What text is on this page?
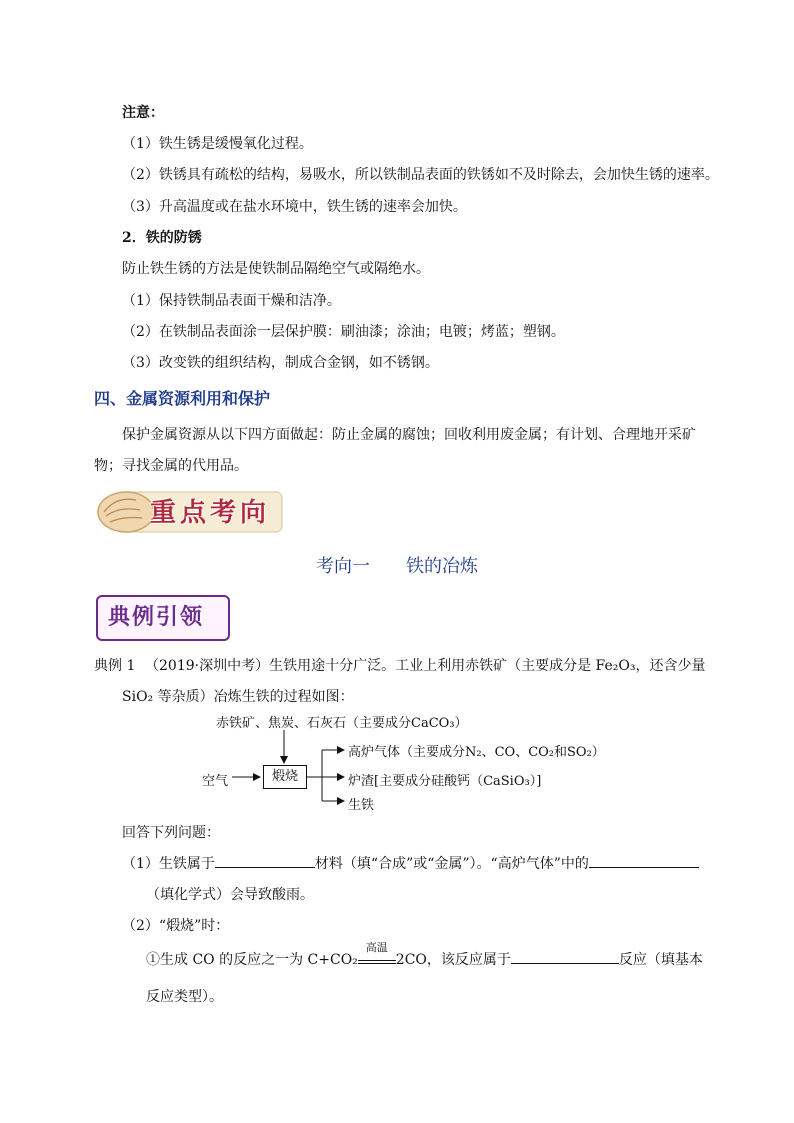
注意：
（1）铁生锈是缓慢氧化过程。
（2）铁锈具有疏松的结构，易吸水，所以铁制品表面的铁锈如不及时除去，会加快生锈的速率。
（3）升高温度或在盐水环境中，铁生锈的速率会加快。
2．铁的防锈
防止铁生锈的方法是使铁制品隔绝空气或隔绝水。
（1）保持铁制品表面干燥和洁净。
（2）在铁制品表面涂一层保护膜：刷油漆；涂油；电镀；烤蓝；塑钢。
（3）改变铁的组织结构，制成合金钢，如不锈钢。
四、金属资源利用和保护
保护金属资源从以下四方面做起：防止金属的腐蚀；回收利用废金属；有计划、合理地开采矿
物；寻找金属的代用品。
重点考向
考向一　　铁的冶炼
典例引领
典例 1 （2019·深圳中考）生铁用途十分广泛。工业上利用赤铁矿（主要成分是 Fe₂O₃，还含少量
SiO₂ 等杂质）冶炼生铁的过程如图：
赤铁矿、焦炭、石灰石（主要成分CaCO₃）
空气	煅烧
高炉气体（主要成分N₂、CO、CO₂和SO₂）
炉渣[主要成分硅酸钙（CaSiO₃）]
生铁
回答下列问题：
（1）生铁属于	材料（填“合成”或“金属”）。“高炉气体”中的
（填化学式）会导致酸雨。
（2）“煅烧”时：
①生成 CO 的反应之一为 C+CO₂
高温
2CO，该反应属于	反应（填基本
反应类型）。
